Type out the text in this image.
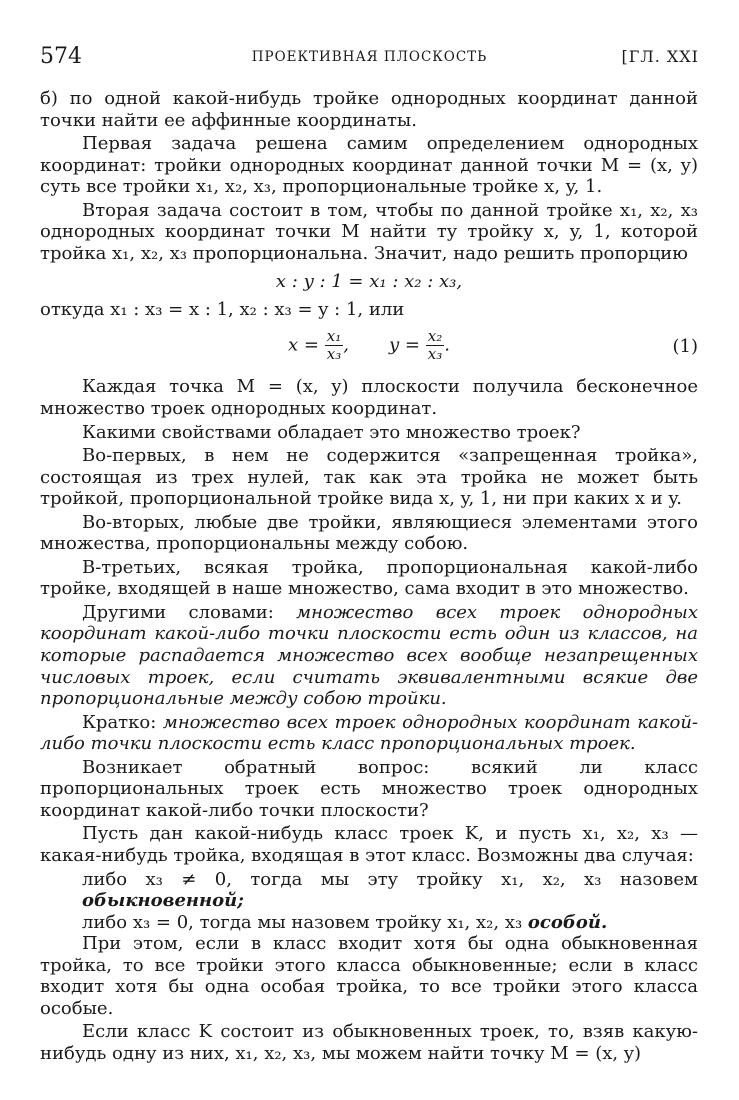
574	ПРОЕКТИВНАЯ ПЛОСКОСТЬ	[ГЛ. XXI

б) по одной какой-нибудь тройке однородных координат данной точки найти ее аффинные координаты.

Первая задача решена самим определением однородных координат: тройки однородных координат данной точки M = (x, y) суть все тройки x₁, x₂, x₃, пропорциональные тройке x, y, 1.

Вторая задача состоит в том, чтобы по данной тройке x₁, x₂, x₃ однородных координат точки M найти ту тройку x, y, 1, которой тройка x₁, x₂, x₃ пропорциональна. Значит, надо решить пропорцию

x : y : 1 = x₁ : x₂ : x₃,

откуда x₁ : x₃ = x : 1, x₂ : x₃ = y : 1, или

$x = \frac{\text{x₁}}{\text{x₃}}$ , $y = \frac{\text{x₂}}{\text{x₃}}$ .	(1)

Каждая точка M = (x, y) плоскости получила бесконечное множество троек однородных координат.

Какими свойствами обладает это множество троек?

Во-первых, в нем не содержится «запрещенная тройка», состоящая из трех нулей, так как эта тройка не может быть тройкой, пропорциональной тройке вида x, y, 1, ни при каких x и y.

Во-вторых, любые две тройки, являющиеся элементами этого множества, пропорциональны между собою.

В-третьих, всякая тройка, пропорциональная какой-либо тройке, входящей в наше множество, сама входит в это множество.

Другими словами: множество всех троек однородных координат какой-либо точки плоскости есть один из классов, на которые распадается множество всех вообще незапрещенных числовых троек, если считать эквивалентными всякие две пропорциональные между собою тройки.

Кратко: множество всех троек однородных координат какой-либо точки плоскости есть класс пропорциональных троек.

Возникает обратный вопрос: всякий ли класс пропорциональных троек есть множество троек однородных координат какой-либо точки плоскости?

Пусть дан какой-нибудь класс троек K, и пусть x₁, x₂, x₃ — какая-нибудь тройка, входящая в этот класс. Возможны два случая:

либо x₃ ≠ 0, тогда мы эту тройку x₁, x₂, x₃ назовем обыкновенной;

либо x₃ = 0, тогда мы назовем тройку x₁, x₂, x₃ особой.

При этом, если в класс входит хотя бы одна обыкновенная тройка, то все тройки этого класса обыкновенные; если в класс входит хотя бы одна особая тройка, то все тройки этого класса особые.

Если класс K состоит из обыкновенных троек, то, взяв какую-нибудь одну из них, x₁, x₂, x₃, мы можем найти точку M = (x, y)
